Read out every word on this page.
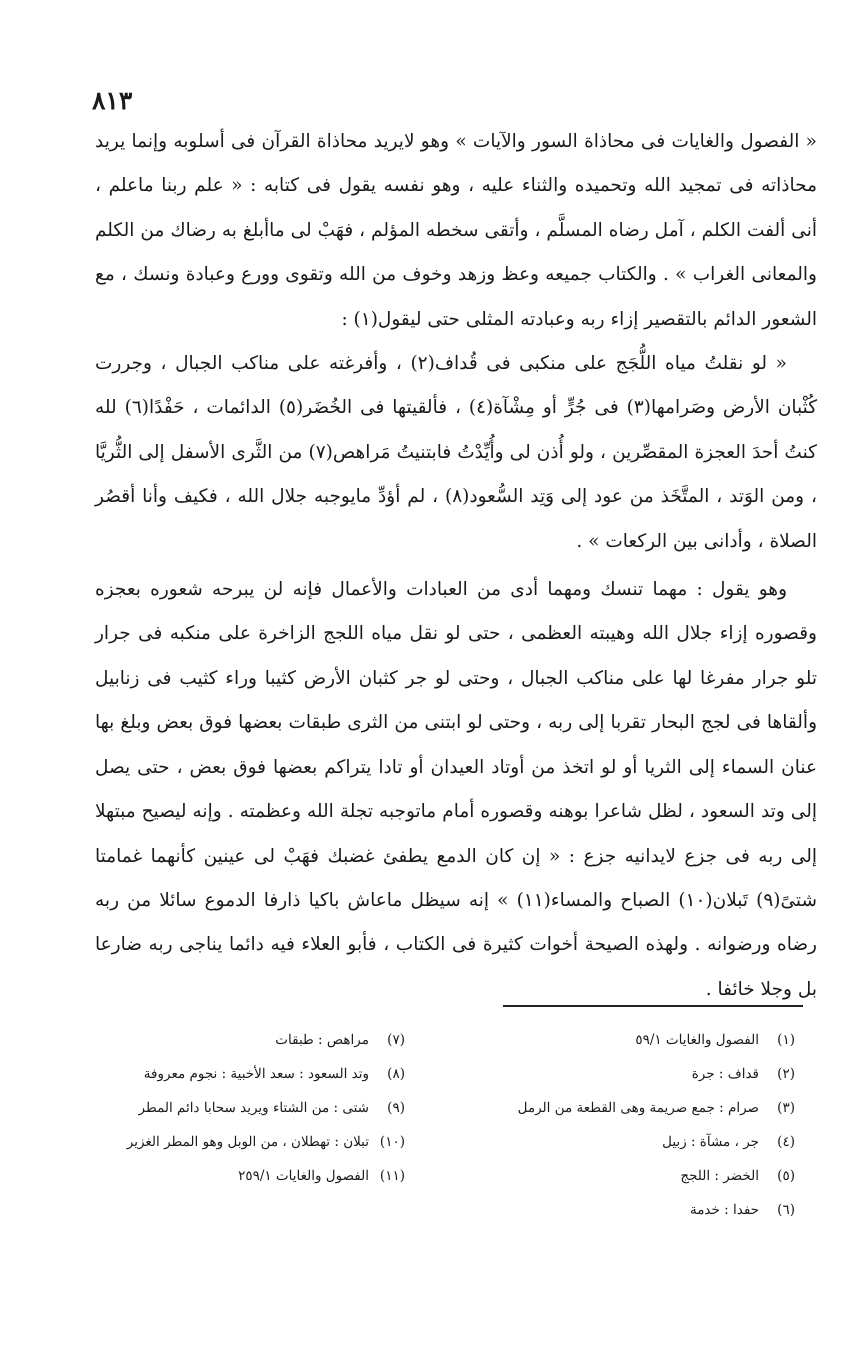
٨١٣

« الفصول والغايات فى محاذاة السور والآيات » وهو لايريد محاذاة القرآن فى أسلوبه وإنما يريد محاذاته فى تمجيد الله وتحميده والثناء عليه ، وهو نفسه يقول فى كتابه : « علم ربنا ماعلم ، أنى ألفت الكلم ، آمل رضاه المسلَّم ، وأتقى سخطه المؤلم ، فهَبْ لى ماأبلغ به رضاك من الكلم والمعانى الغراب » . والكتاب جميعه وعظ وزهد وخوف من الله وتقوى وورع وعبادة ونسك ، مع الشعور الدائم بالتقصير إزاء ربه وعبادته المثلى حتى ليقول(١) :

« لو نقلتُ مياه اللُّجَج على منكبى فى قُداف(٢) ، وأفرغته على مناكب الجبال ، وجررت كُثْبان الأرض وصَرامها(٣) فى جُرٍّ أو مِشْآة(٤) ، فألقيتها فى الخُضَر(٥) الدائمات ، حَفْدًا(٦) لله كنتُ أحدَ العجزة المقصِّرين ، ولو أُذن لى وأُيِّدْتُ فابتنيتُ مَراهص(٧) من الثَّرى الأسفل إلى الثُّريَّا ، ومن الوَتد ، المتَّخَذ من عود إلى وَتِد السُّعود(٨) ، لم أؤدِّ مايوجبه جلال الله ، فكيف وأنا أقصُر الصلاة ، وأدانى بين الركعات » .

وهو يقول : مهما تنسك ومهما أدى من العبادات والأعمال فإنه لن يبرحه شعوره بعجزه وقصوره إزاء جلال الله وهيبته العظمى ، حتى لو نقل مياه اللجج الزاخرة على منكبه فى جرار تلو جرار مفرغا لها على مناكب الجبال ، وحتى لو جر كثبان الأرض كثيبا وراء كثيب فى زنابيل وألقاها فى لجج البحار تقربا إلى ربه ، وحتى لو ابتنى من الثرى طبقات بعضها فوق بعض وبلغ بها عنان السماء إلى الثريا أو لو اتخذ من أوتاد العيدان أو تادا يتراكم بعضها فوق بعض ، حتى يصل إلى وتد السعود ، لظل شاعرا بوهنه وقصوره أمام ماتوجبه تجلة الله وعظمته . وإنه ليصيح مبتهلا إلى ربه فى جزع لايدانيه جزع : « إن كان الدمع يطفئ غضبك فهَبْ لى عينين كأنهما غمامتا شتىً(٩) تَبلان(١٠) الصباح والمساء(١١) » إنه سيظل ماعاش باكيا ذارفا الدموع سائلا من ربه رضاه ورضوانه . ولهذه الصيحة أخوات كثيرة فى الكتاب ، فأبو العلاء فيه دائما يناجى ربه ضارعا بل وجلا خائفا .

(١)الفصول والغايات ٥٩/١
(٢)قداف : جرة
(٣)صرام : جمع صريمة وهى القطعة من الرمل
(٤)جر ، مشآة : زبيل
(٥)الخضر : اللجج
(٦)حفدا : خدمة
(٧)مراهص : طبقات
(٨)وتد السعود : سعد الأخبية : نجوم معروفة
(٩)شتى : من الشتاء ويريد سحابا دائم المطر
(١٠)تبلان : تهطلان ، من الوبل وهو المطر الغزير
(١١)الفصول والغايات ٢٥٩/١
